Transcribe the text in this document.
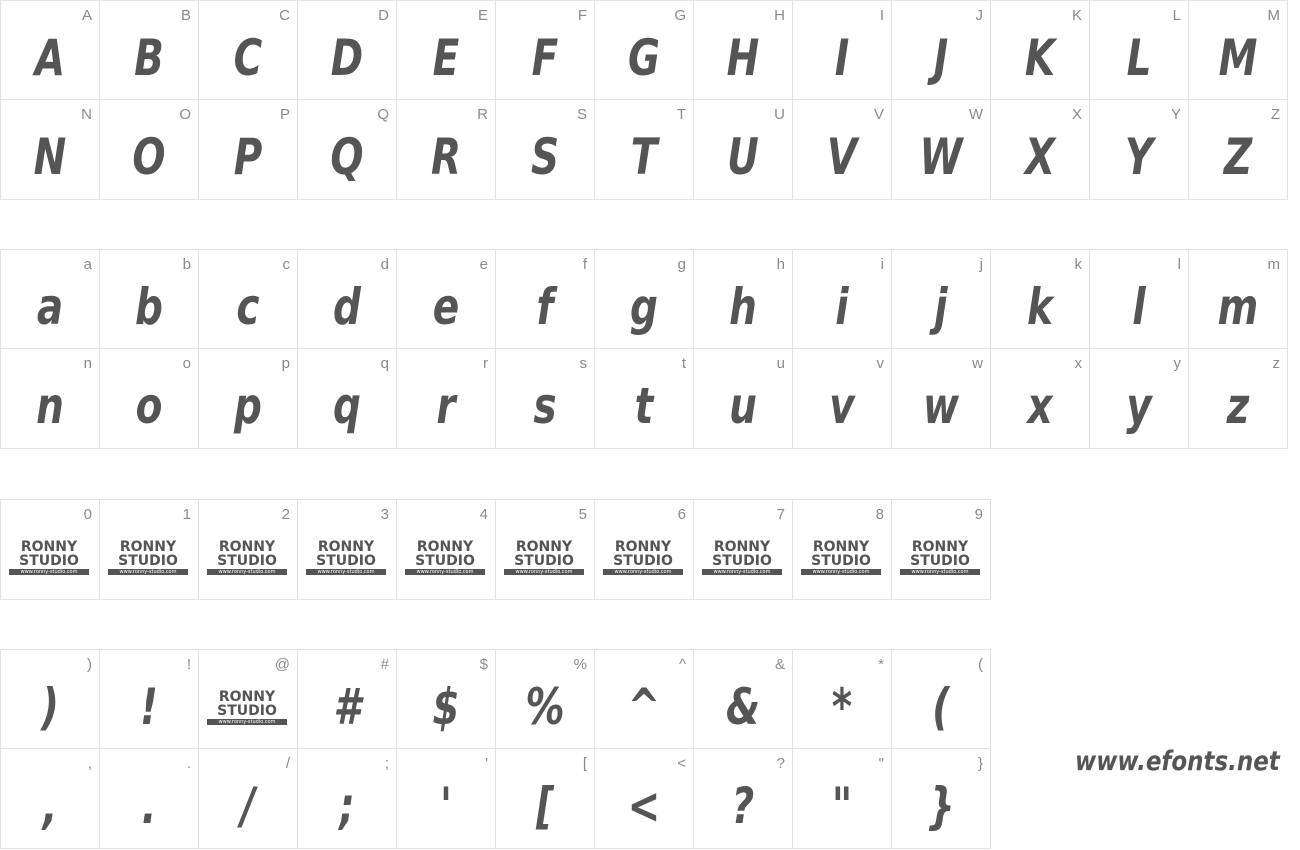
A
A
B
B
C
C
D
D
E
E
F
F
G
G
H
H
I
I
J
J
K
K
L
L
M
M
N
N
O
O
P
P
Q
Q
R
R
S
S
T
T
U
U
V
V
W
W
X
X
Y
Y
Z
Z
a
a
b
b
c
c
d
d
e
e
f
f
g
g
h
h
i
i
j
j
k
k
l
l
m
m
n
n
o
o
p
p
q
q
r
r
s
s
t
t
u
u
v
v
w
w
x
x
y
y
z
z
0
RONNY
STUDIO
www.ronny-studio.com
1
RONNY
STUDIO
www.ronny-studio.com
2
RONNY
STUDIO
www.ronny-studio.com
3
RONNY
STUDIO
www.ronny-studio.com
4
RONNY
STUDIO
www.ronny-studio.com
5
RONNY
STUDIO
www.ronny-studio.com
6
RONNY
STUDIO
www.ronny-studio.com
7
RONNY
STUDIO
www.ronny-studio.com
8
RONNY
STUDIO
www.ronny-studio.com
9
RONNY
STUDIO
www.ronny-studio.com
)
)
!
!
@
RONNY
STUDIO
www.ronny-studio.com
#
#
$
$
%
%
^
^
&
&
*
*
(
(
,
,
.
.
/
/
;
;
'
'
[
[
<
<
?
?
"
"
}
}
www.efonts.net
